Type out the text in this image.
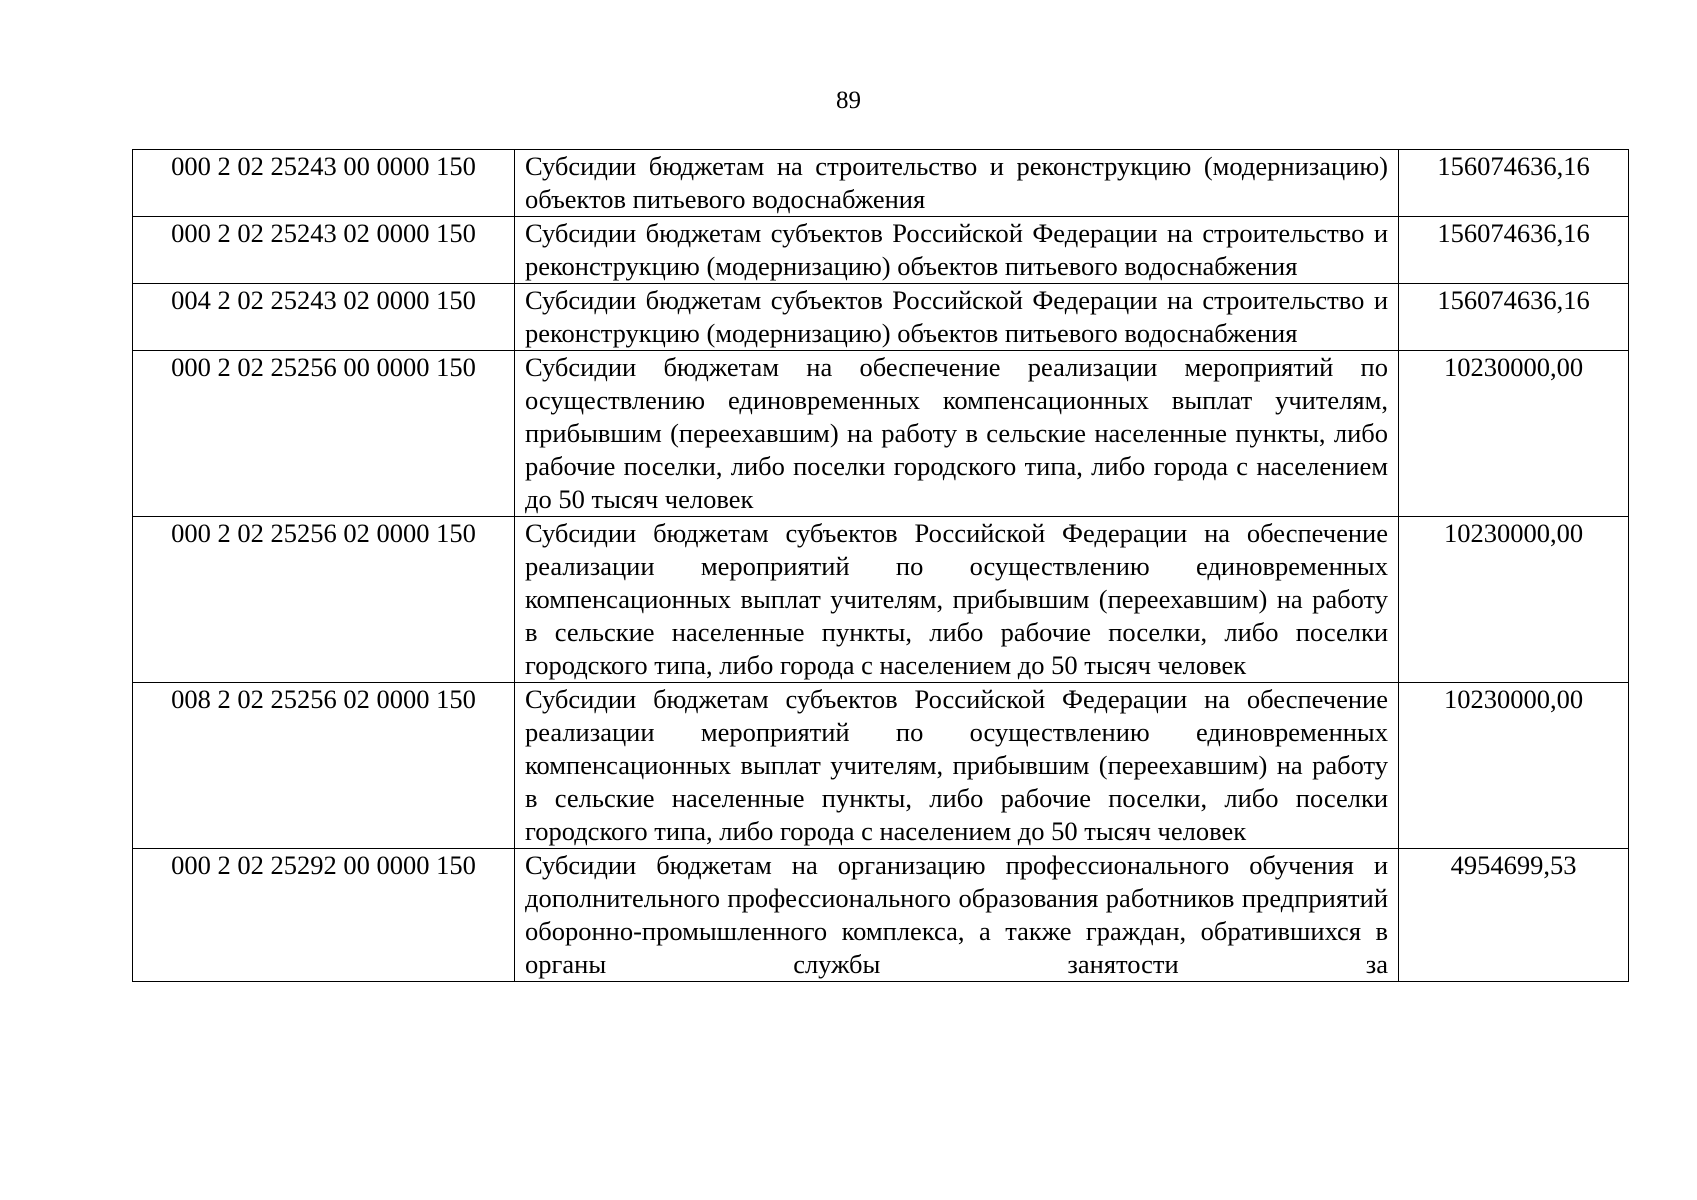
89
000 2 02 25243 00 0000 150	Субсидии бюджетам на строительство и реконструкцию (модернизацию) объектов питьевого водоснабжения	156074636,16
000 2 02 25243 02 0000 150	Субсидии бюджетам субъектов Российской Федерации на строительство и реконструкцию (модернизацию) объектов питьевого водоснабжения	156074636,16
004 2 02 25243 02 0000 150	Субсидии бюджетам субъектов Российской Федерации на строительство и реконструкцию (модернизацию) объектов питьевого водоснабжения	156074636,16
000 2 02 25256 00 0000 150	Субсидии бюджетам на обеспечение реализации мероприятий по осуществлению единовременных компенсационных выплат учителям, прибывшим (переехавшим) на работу в сельские населенные пункты, либо рабочие поселки, либо поселки городского типа, либо города с населением до 50 тысяч человек	10230000,00
000 2 02 25256 02 0000 150	Субсидии бюджетам субъектов Российской Федерации на обеспечение реализации мероприятий по осуществлению единовременных компенсационных выплат учителям, прибывшим (переехавшим) на работу в сельские населенные пункты, либо рабочие поселки, либо поселки городского типа, либо города с населением до 50 тысяч человек	10230000,00
008 2 02 25256 02 0000 150	Субсидии бюджетам субъектов Российской Федерации на обеспечение реализации мероприятий по осуществлению единовременных компенсационных выплат учителям, прибывшим (переехавшим) на работу в сельские населенные пункты, либо рабочие поселки, либо поселки городского типа, либо города с населением до 50 тысяч человек	10230000,00
000 2 02 25292 00 0000 150	Субсидии бюджетам на организацию профессионального обучения и дополнительного профессионального образования работников предприятий оборонно-промышленного комплекса, а также граждан, обратившихся в органы службы занятости за	4954699,53
